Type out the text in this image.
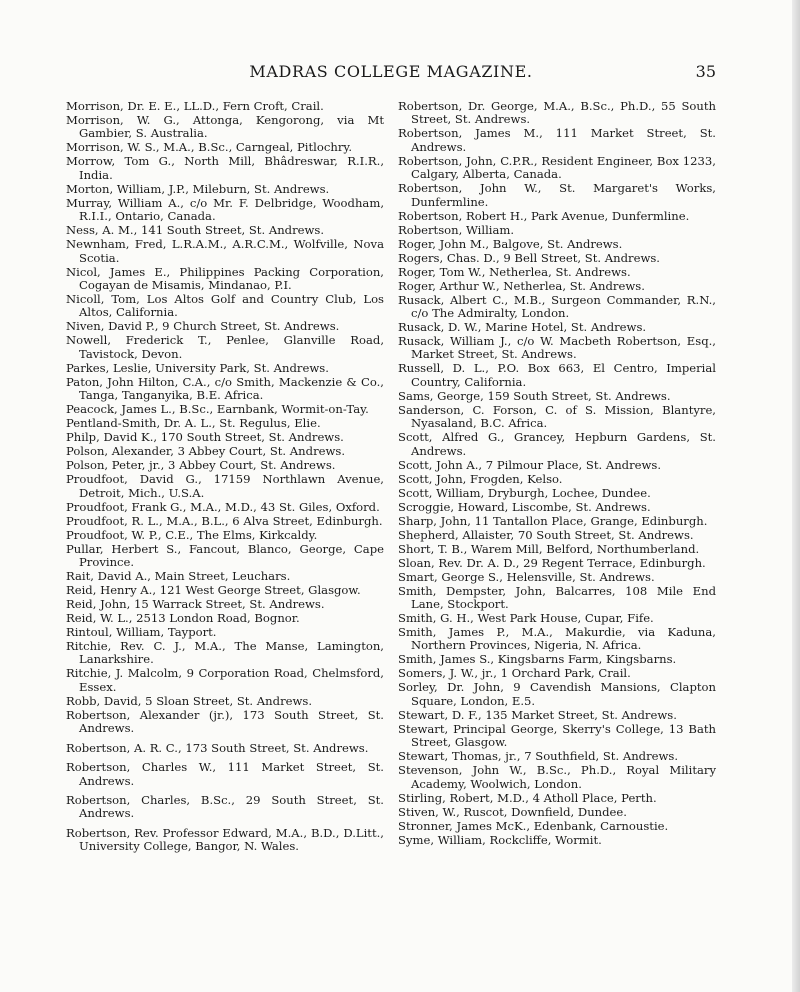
MADRAS COLLEGE MAGAZINE.	35

Morrison, Dr. E. E., LL.D., Fern Croft, Crail.

Morrison, W. G., Attonga, Kengorong, via Mt Gambier, S. Australia.

Morrison, W. S., M.A., B.Sc., Carngeal, Pitlochry.

Morrow, Tom G., North Mill, Bhâdreswar, R.I.R., India.

Morton, William, J.P., Mileburn, St. Andrews.

Murray, William A., c/o Mr. F. Delbridge, Woodham, R.I.I., Ontario, Canada.

Ness, A. M., 141 South Street, St. Andrews.

Newnham, Fred, L.R.A.M., A.R.C.M., Wolfville, Nova Scotia.

Nicol, James E., Philippines Packing Corporation, Cogayan de Misamis, Mindanao, P.I.

Nicoll, Tom, Los Altos Golf and Country Club, Los Altos, California.

Niven, David P., 9 Church Street, St. Andrews.

Nowell, Frederick T., Penlee, Glanville Road, Tavistock, Devon.

Parkes, Leslie, University Park, St. Andrews.

Paton, John Hilton, C.A., c/o Smith, Mackenzie & Co., Tanga, Tanganyika, B.E. Africa.

Peacock, James L., B.Sc., Earnbank, Wormit-on-Tay.

Pentland-Smith, Dr. A. L., St. Regulus, Elie.

Philp, David K., 170 South Street, St. Andrews.

Polson, Alexander, 3 Abbey Court, St. Andrews.

Polson, Peter, jr., 3 Abbey Court, St. Andrews.

Proudfoot, David G., 17159 Northlawn Avenue, Detroit, Mich., U.S.A.

Proudfoot, Frank G., M.A., M.D., 43 St. Giles, Oxford.

Proudfoot, R. L., M.A., B.L., 6 Alva Street, Edinburgh.

Proudfoot, W. P., C.E., The Elms, Kirkcaldy.

Pullar, Herbert S., Fancout, Blanco, George, Cape Province.

Rait, David A., Main Street, Leuchars.

Reid, Henry A., 121 West George Street, Glasgow.

Reid, John, 15 Warrack Street, St. Andrews.

Reid, W. L., 2513 London Road, Bognor.

Rintoul, William, Tayport.

Ritchie, Rev. C. J., M.A., The Manse, Lamington, Lanarkshire.

Ritchie, J. Malcolm, 9 Corporation Road, Chelmsford, Essex.

Robb, David, 5 Sloan Street, St. Andrews.

Robertson, Alexander (jr.), 173 South Street, St. Andrews.

Robertson, A. R. C., 173 South Street, St. Andrews.

Robertson, Charles W., 111 Market Street, St. Andrews.

Robertson, Charles, B.Sc., 29 South Street, St. Andrews.

Robertson, Rev. Professor Edward, M.A., B.D., D.Litt., University College, Bangor, N. Wales.

Robertson, Dr. George, M.A., B.Sc., Ph.D., 55 South Street, St. Andrews.

Robertson, James M., 111 Market Street, St. Andrews.

Robertson, John, C.P.R., Resident Engineer, Box 1233, Calgary, Alberta, Canada.

Robertson, John W., St. Margaret's Works, Dunfermline.

Robertson, Robert H., Park Avenue, Dunfermline.

Robertson, William.

Roger, John M., Balgove, St. Andrews.

Rogers, Chas. D., 9 Bell Street, St. Andrews.

Roger, Tom W., Netherlea, St. Andrews.

Roger, Arthur W., Netherlea, St. Andrews.

Rusack, Albert C., M.B., Surgeon Commander, R.N., c/o The Admiralty, London.

Rusack, D. W., Marine Hotel, St. Andrews.

Rusack, William J., c/o W. Macbeth Robertson, Esq., Market Street, St. Andrews.

Russell, D. L., P.O. Box 663, El Centro, Imperial Country, California.

Sams, George, 159 South Street, St. Andrews.

Sanderson, C. Forson, C. of S. Mission, Blantyre, Nyasaland, B.C. Africa.

Scott, Alfred G., Grancey, Hepburn Gardens, St. Andrews.

Scott, John A., 7 Pilmour Place, St. Andrews.

Scott, John, Frogden, Kelso.

Scott, William, Dryburgh, Lochee, Dundee.

Scroggie, Howard, Liscombe, St. Andrews.

Sharp, John, 11 Tantallon Place, Grange, Edinburgh.

Shepherd, Allaister, 70 South Street, St. Andrews.

Short, T. B., Warem Mill, Belford, Northumberland.

Sloan, Rev. Dr. A. D., 29 Regent Terrace, Edinburgh.

Smart, George S., Helensville, St. Andrews.

Smith, Dempster, John, Balcarres, 108 Mile End Lane, Stockport.

Smith, G. H., West Park House, Cupar, Fife.

Smith, James P., M.A., Makurdie, via Kaduna, Northern Provinces, Nigeria, N. Africa.

Smith, James S., Kingsbarns Farm, Kingsbarns.

Somers, J. W., jr., 1 Orchard Park, Crail.

Sorley, Dr. John, 9 Cavendish Mansions, Clapton Square, London, E.5.

Stewart, D. F., 135 Market Street, St. Andrews.

Stewart, Principal George, Skerry's College, 13 Bath Street, Glasgow.

Stewart, Thomas, jr., 7 Southfield, St. Andrews.

Stevenson, John W., B.Sc., Ph.D., Royal Military Academy, Woolwich, London.

Stirling, Robert, M.D., 4 Atholl Place, Perth.

Stiven, W., Ruscot, Downfield, Dundee.

Stronner, James McK., Edenbank, Carnoustie.

Syme, William, Rockcliffe, Wormit.
